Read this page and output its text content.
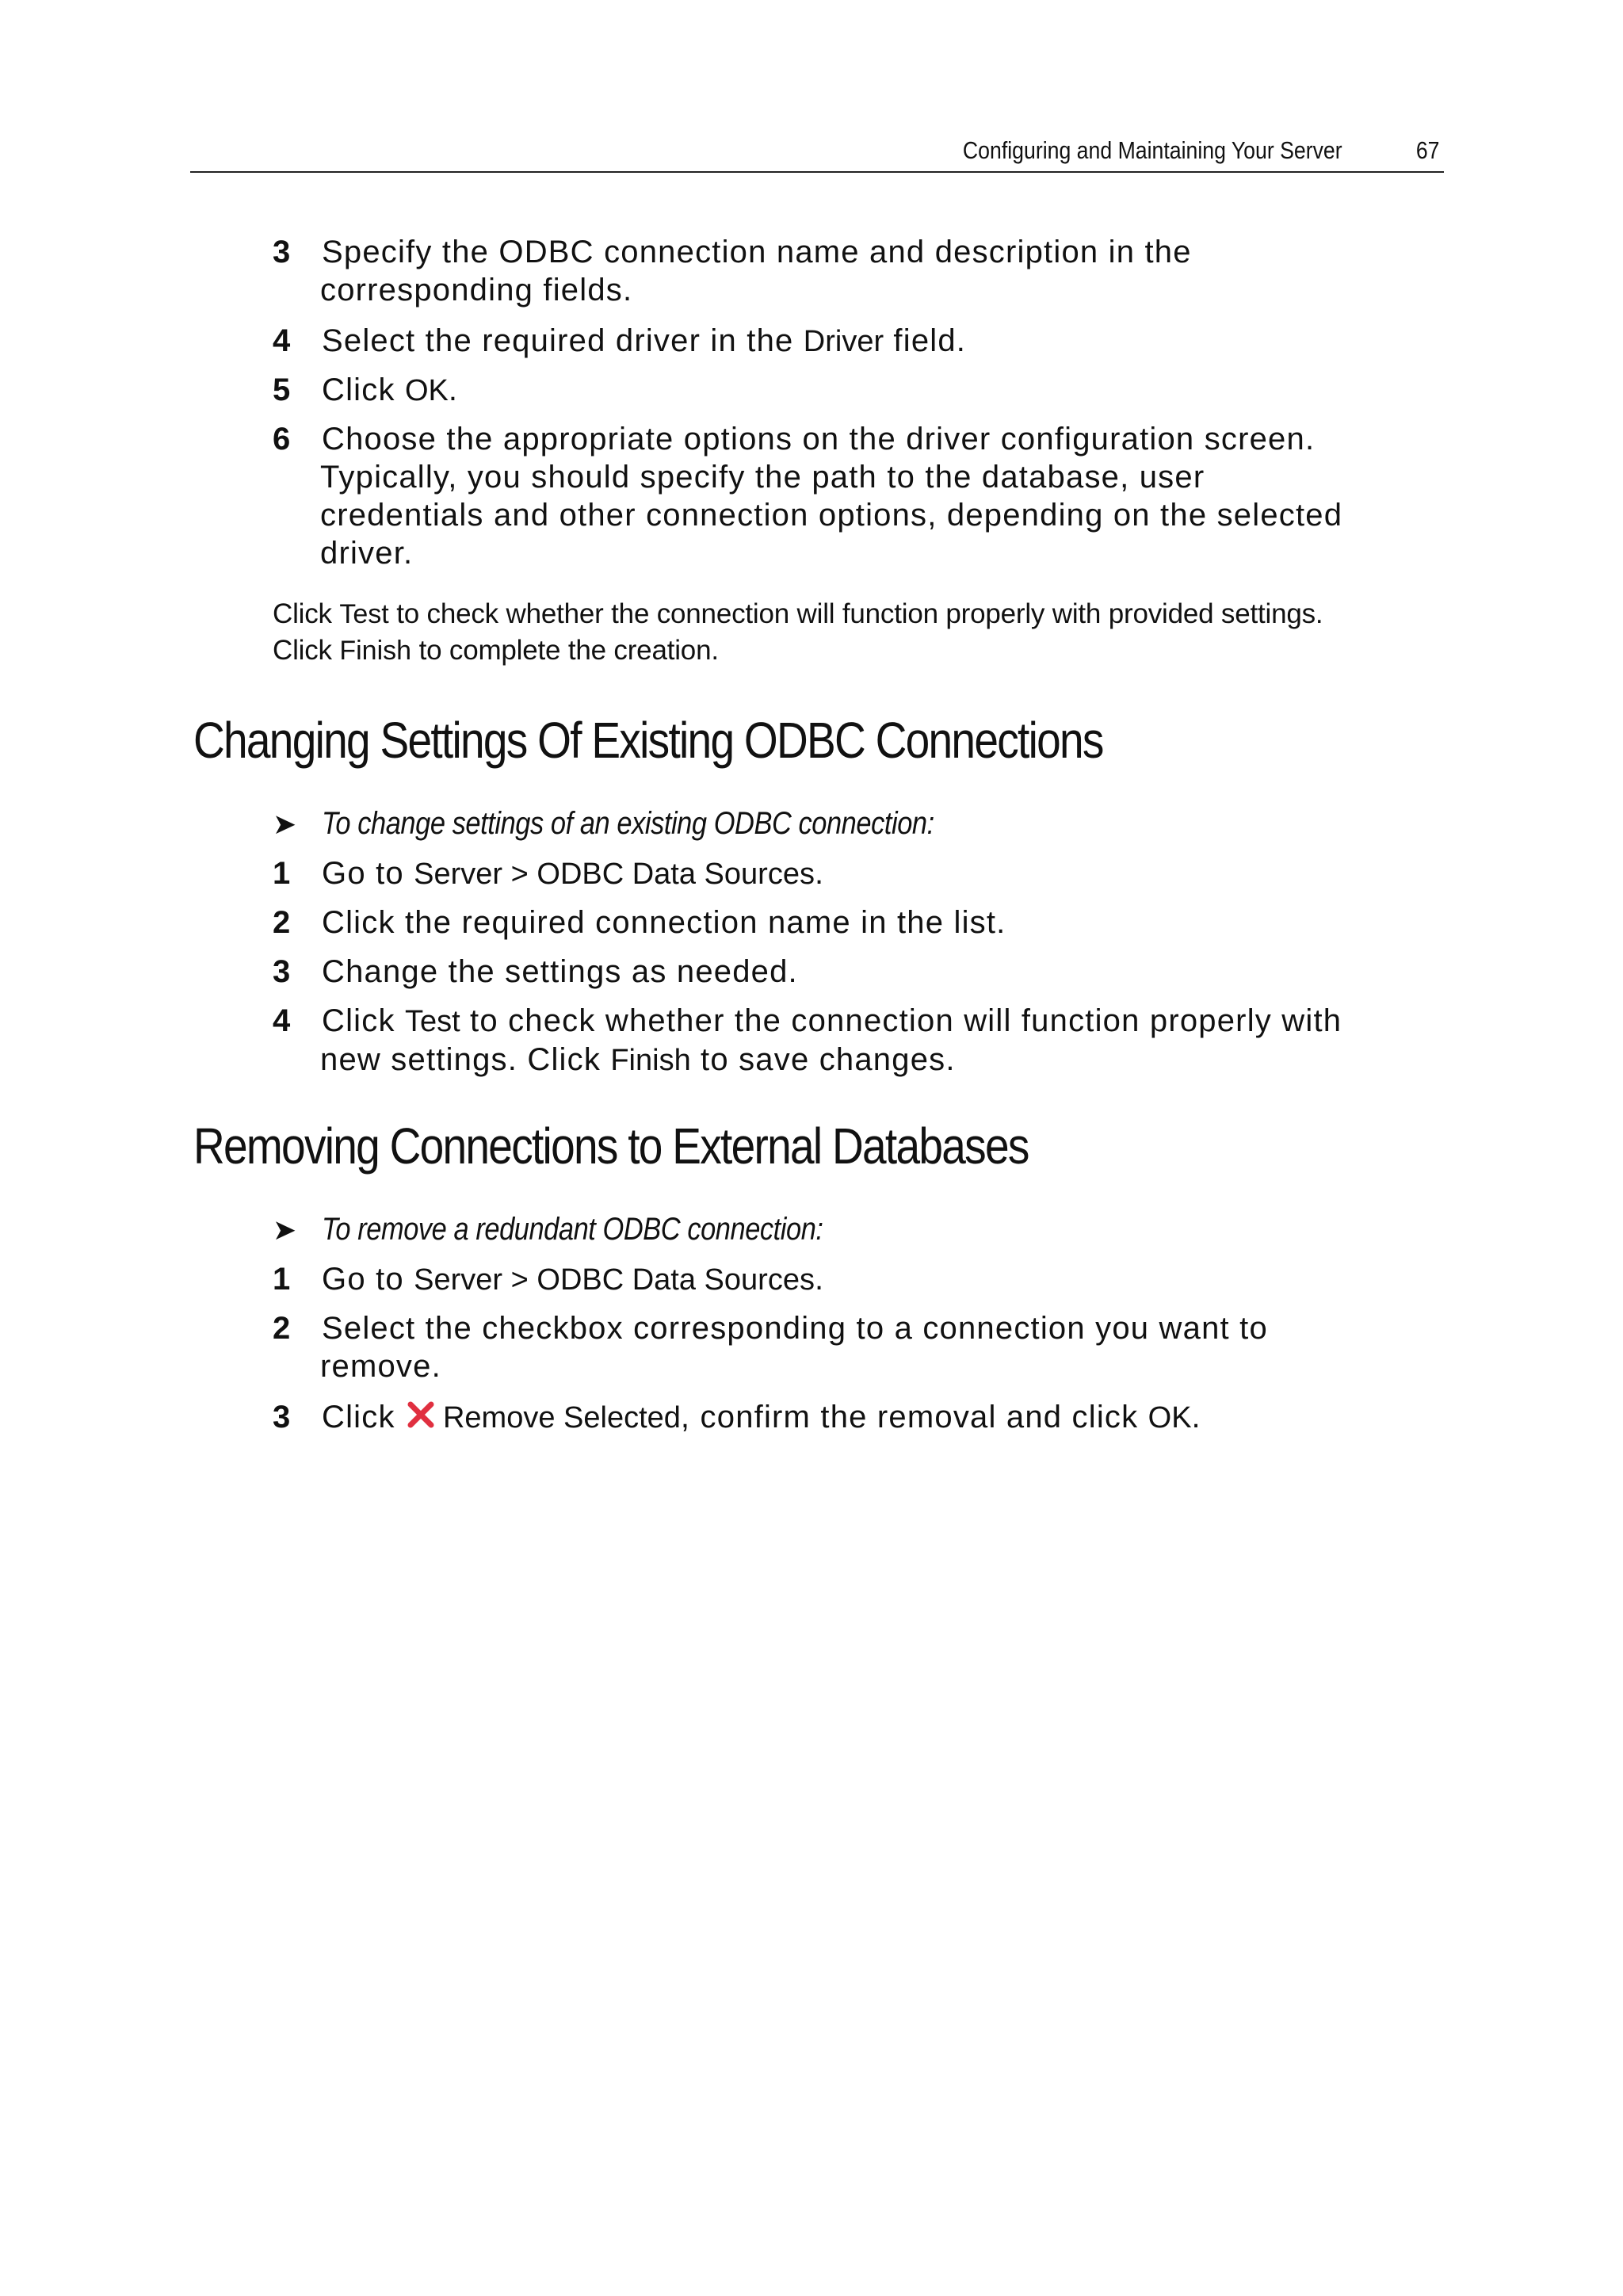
Configuring and Maintaining Your Server	67
3 Specify the ODBC connection name and description in the
corresponding fields.
4 Select the required driver in the Driver field.
5 Click OK.
6 Choose the appropriate options on the driver configuration screen.
Typically, you should specify the path to the database, user
credentials and other connection options, depending on the selected
driver.
Click Test to check whether the connection will function properly with provided settings.
Click Finish to complete the creation.
Changing Settings Of Existing ODBC Connections
➤ To change settings of an existing ODBC connection:
1 Go to Server > ODBC Data Sources.
2 Click the required connection name in the list.
3 Change the settings as needed.
4 Click Test to check whether the connection will function properly with
new settings. Click Finish to save changes.
Removing Connections to External Databases
➤ To remove a redundant ODBC connection:
1 Go to Server > ODBC Data Sources.
2 Select the checkbox corresponding to a connection you want to
remove.
3 Click Remove Selected, confirm the removal and click OK.
